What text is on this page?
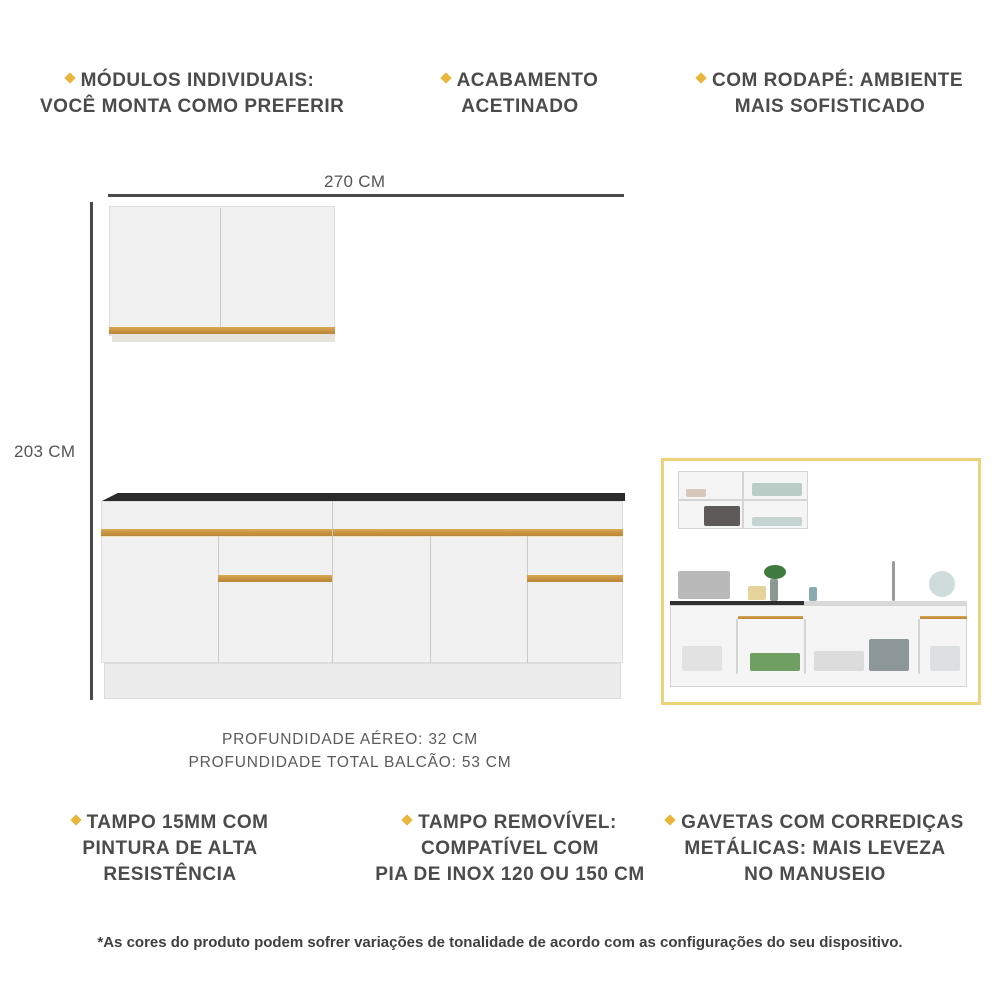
MÓDULOS INDIVIDUAIS:
VOCÊ MONTA COMO PREFERIR
ACABAMENTO
ACETINADO
COM RODAPÉ: AMBIENTE
MAIS SOFISTICADO
270 CM
203 CM
PROFUNDIDADE AÉREO: 32 CM
PROFUNDIDADE TOTAL BALCÃO: 53 CM
TAMPO 15MM COM
PINTURA DE ALTA
RESISTÊNCIA
TAMPO REMOVÍVEL:
COMPATÍVEL COM
PIA DE INOX 120 OU 150 CM
GAVETAS COM CORREDIÇAS
METÁLICAS: MAIS LEVEZA
NO MANUSEIO
*As cores do produto podem sofrer variações de tonalidade de acordo com as configurações do seu dispositivo.
